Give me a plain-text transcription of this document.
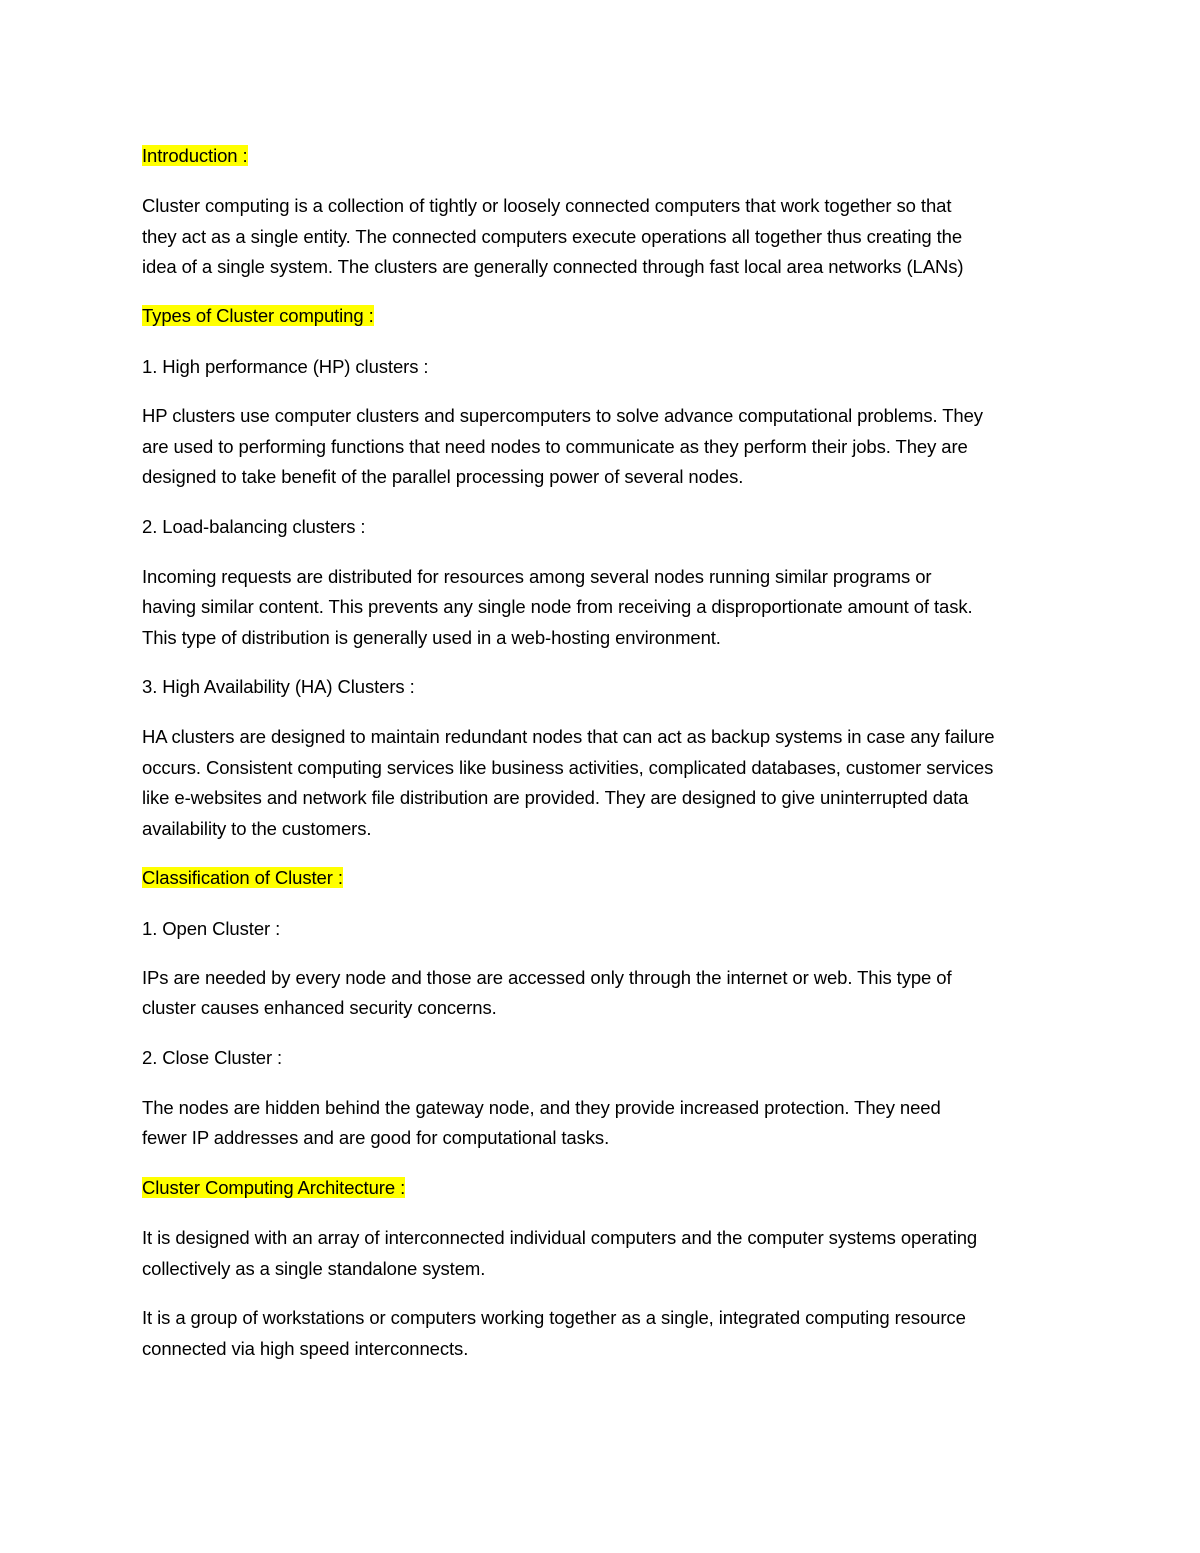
Introduction :
Cluster computing is a collection of tightly or loosely connected computers that work together so that
they act as a single entity. The connected computers execute operations all together thus creating the
idea of a single system. The clusters are generally connected through fast local area networks (LANs)
Types of Cluster computing :
1. High performance (HP) clusters :
HP clusters use computer clusters and supercomputers to solve advance computational problems. They
are used to performing functions that need nodes to communicate as they perform their jobs. They are
designed to take benefit of the parallel processing power of several nodes.
2. Load-balancing clusters :
Incoming requests are distributed for resources among several nodes running similar programs or
having similar content. This prevents any single node from receiving a disproportionate amount of task.
This type of distribution is generally used in a web-hosting environment.
3. High Availability (HA) Clusters :
HA clusters are designed to maintain redundant nodes that can act as backup systems in case any failure
occurs. Consistent computing services like business activities, complicated databases, customer services
like e-websites and network file distribution are provided. They are designed to give uninterrupted data
availability to the customers.
Classification of Cluster :
1. Open Cluster :
IPs are needed by every node and those are accessed only through the internet or web. This type of
cluster causes enhanced security concerns.
2. Close Cluster :
The nodes are hidden behind the gateway node, and they provide increased protection. They need
fewer IP addresses and are good for computational tasks.
Cluster Computing Architecture :
It is designed with an array of interconnected individual computers and the computer systems operating
collectively as a single standalone system.
It is a group of workstations or computers working together as a single, integrated computing resource
connected via high speed interconnects.
